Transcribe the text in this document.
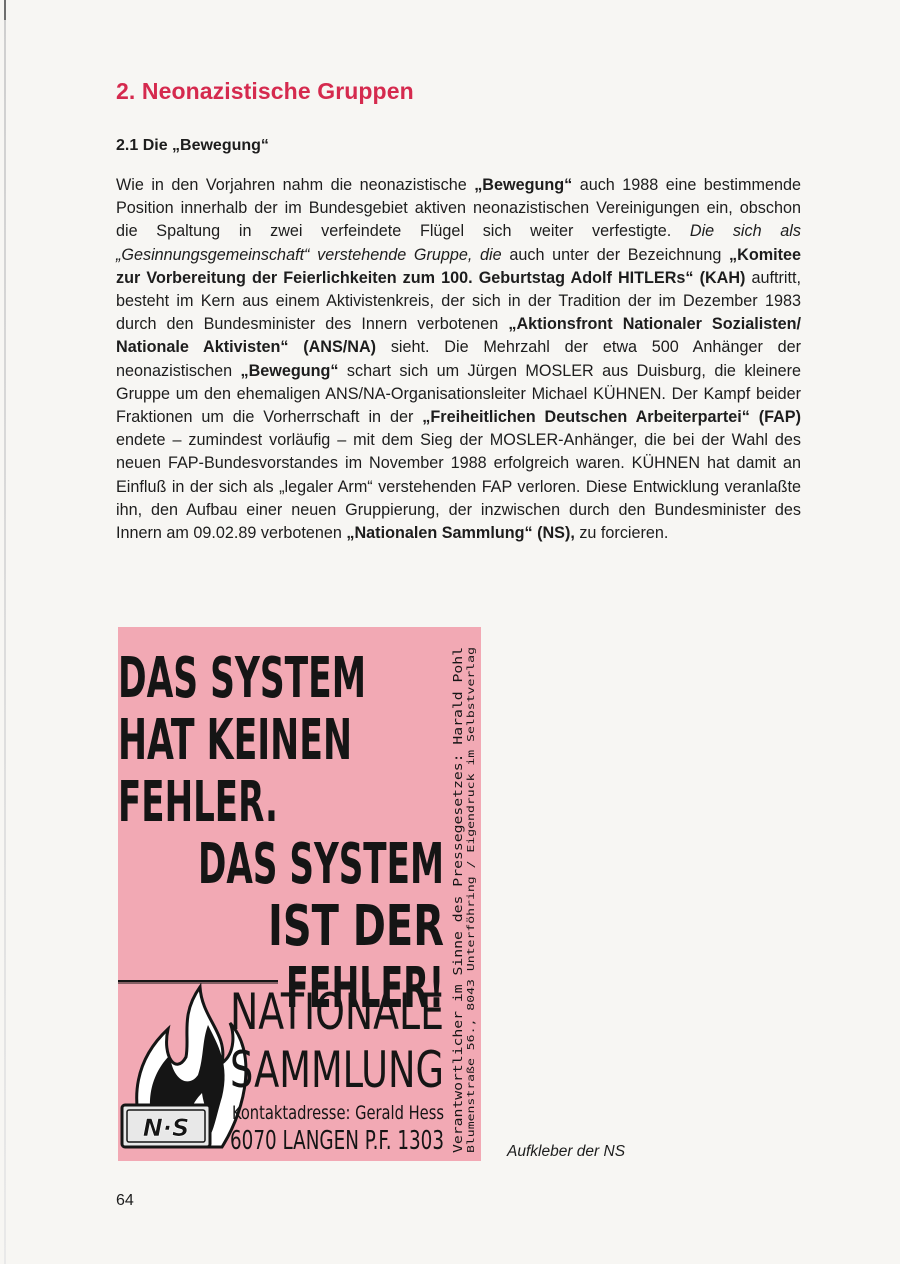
2. Neonazistische Gruppen
2.1 Die „Bewegung“

Wie in den Vorjahren nahm die neonazistische „Bewegung“ auch 1988 eine bestimmende Position innerhalb der im Bundesgebiet aktiven neonazistischen Vereinigungen ein, obschon die Spaltung in zwei verfeindete Flügel sich weiter verfestigte. Die sich als „Gesinnungsgemeinschaft“ verstehende Gruppe, die auch unter der Bezeichnung „Komitee zur Vorbereitung der Feierlichkeiten zum 100. Geburtstag Adolf HITLERs“ (KAH) auftritt, besteht im Kern aus einem Aktivistenkreis, der sich in der Tradition der im Dezember 1983 durch den Bundesminister des Innern verbotenen „Aktionsfront Nationaler Sozialisten/ Nationale Aktivisten“ (ANS/NA) sieht. Die Mehrzahl der etwa 500 Anhänger der neonazistischen „Bewegung“ schart sich um Jürgen MOSLER aus Duisburg, die kleinere Gruppe um den ehemaligen ANS/NA-Organisationsleiter Michael KÜHNEN. Der Kampf beider Fraktionen um die Vorherrschaft in der „Freiheitlichen Deutschen Arbeiterpartei“ (FAP) endete – zumindest vorläufig – mit dem Sieg der MOSLER-Anhänger, die bei der Wahl des neuen FAP-Bundesvorstandes im November 1988 erfolgreich waren. KÜHNEN hat damit an Einfluß in der sich als „legaler Arm“ verstehenden FAP verloren. Diese Entwicklung veranlaßte ihn, den Aufbau einer neuen Gruppierung, der inzwischen durch den Bundesminister des Innern am 09.02.89 verbotenen „Nationalen Sammlung“ (NS), zu forcieren.

DAS SYSTEM
HAT KEINEN
FEHLER.
DAS SYSTEM
IST DER
FEHLER!
N·S
NATIONALE
SAMMLUNG
Kontaktadresse: Gerald Hess
6070 LANGEN P.F. 1303 Verantwortlicher im Sinne des Pressegesetzes: Harald Pohl Blumenstraße 56., 8043 Unterföhring / Eigendruck im Selbstverlag Aufkleber der NS
64
